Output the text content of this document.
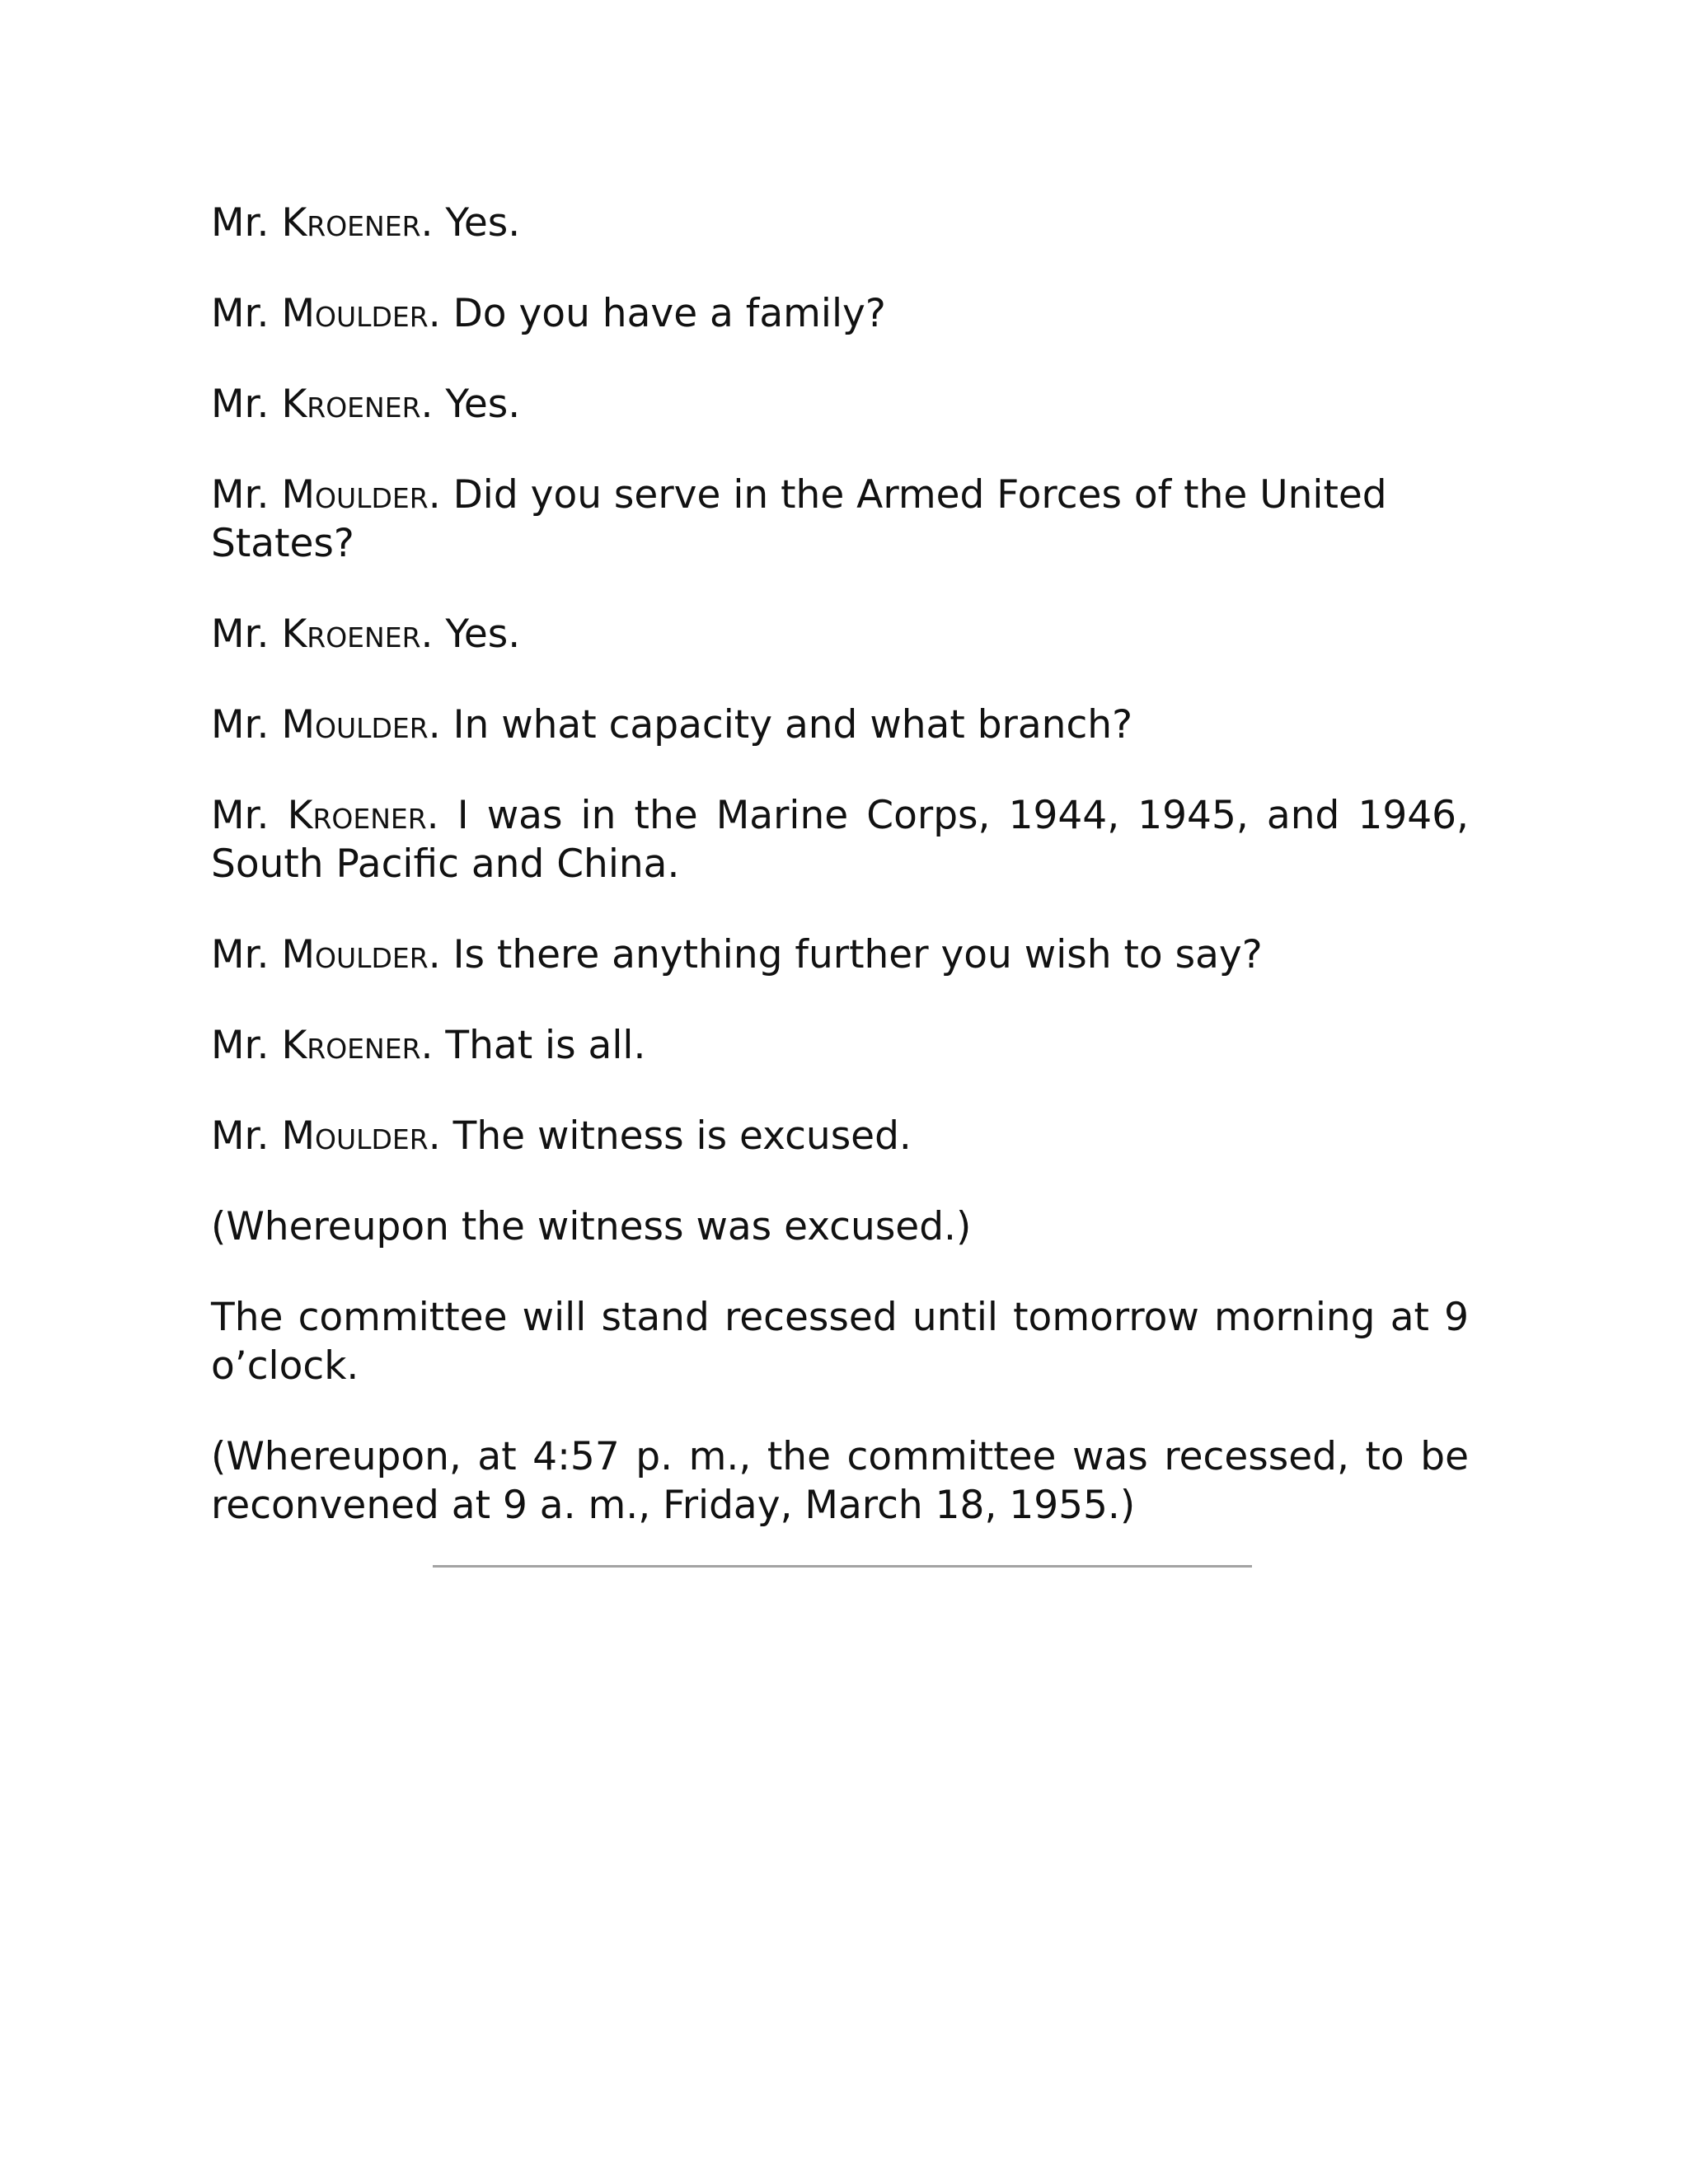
Mr. Kroener. Yes.

Mr. Moulder. Do you have a family?

Mr. Kroener. Yes.

Mr. Moulder. Did you serve in the Armed Forces of the United States?

Mr. Kroener. Yes.

Mr. Moulder. In what capacity and what branch?

Mr. Kroener. I was in the Marine Corps, 1944, 1945, and 1946, South Pacific and China.

Mr. Moulder. Is there anything further you wish to say?

Mr. Kroener. That is all.

Mr. Moulder. The witness is excused.

(Whereupon the witness was excused.)

The committee will stand recessed until tomorrow morning at 9 o’clock.

(Whereupon, at 4:57 p. m., the committee was recessed, to be reconvened at 9 a. m., Friday, March 18, 1955.)
